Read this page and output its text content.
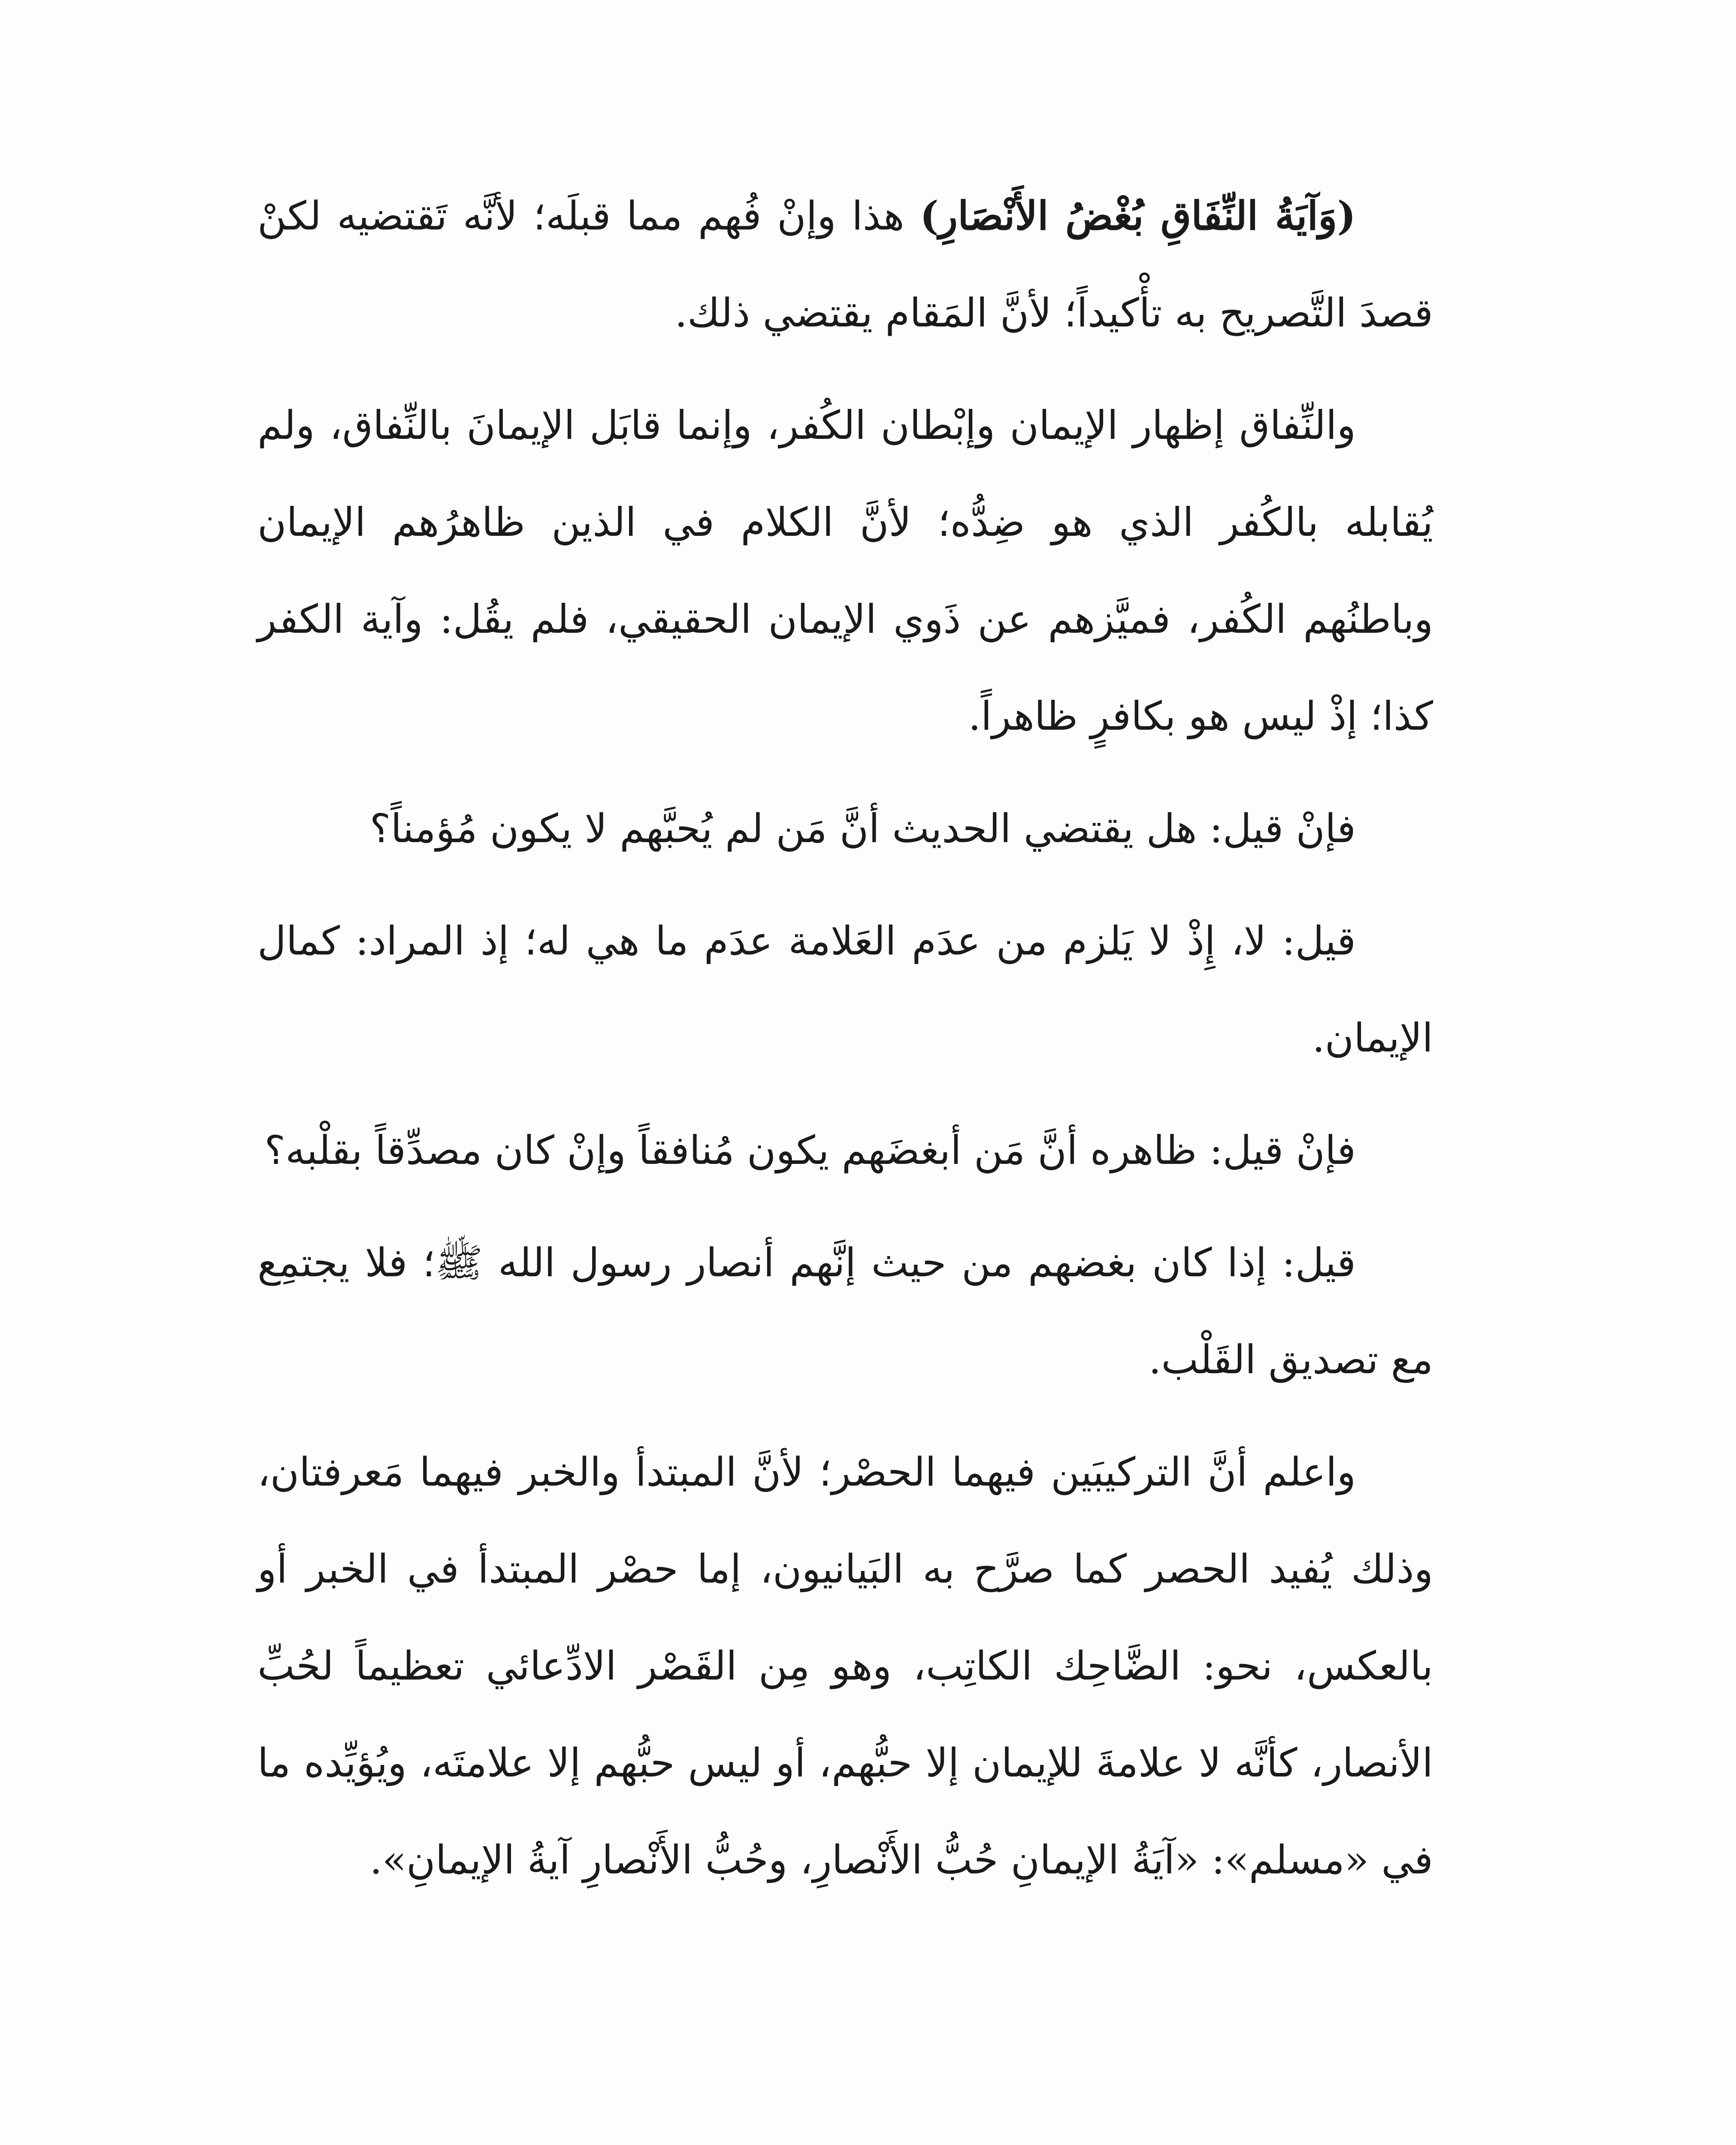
(وَآيَةُ النِّفَاقِ بُغْضُ الأَنْصَارِ) هذا وإنْ فُهم مما قبلَه؛ لأنَّه تَقتضيه لكنْ قصدَ التَّصريح به تأْكيداً؛ لأنَّ المَقام يقتضي ذلك.

والنِّفاق إظهار الإيمان وإبْطان الكُفر، وإنما قابَل الإيمانَ بالنِّفاق، ولم يُقابله بالكُفر الذي هو ضِدُّه؛ لأنَّ الكلام في الذين ظاهرُهم الإيمان وباطنُهم الكُفر، فميَّزهم عن ذَوي الإيمان الحقيقي، فلم يقُل: وآية الكفر كذا؛ إذْ ليس هو بكافرٍ ظاهراً.

فإنْ قيل: هل يقتضي الحديث أنَّ مَن لم يُحبَّهم لا يكون مُؤمناً؟

قيل: لا، إِذْ لا يَلزم من عدَم العَلامة عدَم ما هي له؛ إذ المراد: كمال الإيمان.

فإنْ قيل: ظاهره أنَّ مَن أبغضَهم يكون مُنافقاً وإنْ كان مصدِّقاً بقلْبه؟

قيل: إذا كان بغضهم من حيث إنَّهم أنصار رسول الله ﷺ؛ فلا يجتمِع مع تصديق القَلْب.

واعلم أنَّ التركيبَين فيهما الحصْر؛ لأنَّ المبتدأ والخبر فيهما مَعرفتان، وذلك يُفيد الحصر كما صرَّح به البَيانيون، إما حصْر المبتدأ في الخبر أو بالعكس، نحو: الضَّاحِك الكاتِب، وهو مِن القَصْر الادِّعائي تعظيماً لحُبِّ الأنصار، كأنَّه لا علامةَ للإيمان إلا حبُّهم، أو ليس حبُّهم إلا علامتَه، ويُؤيِّده ما في «مسلم»: «آيَةُ الإيمانِ حُبُّ الأَنْصارِ، وحُبُّ الأَنْصارِ آيةُ الإيمانِ».
